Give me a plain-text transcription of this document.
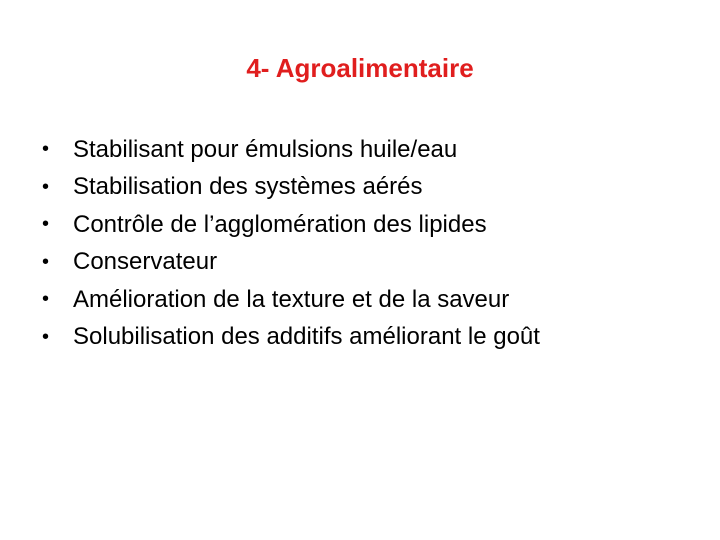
4- Agroalimentaire
• Stabilisant pour émulsions huile/eau
• Stabilisation des systèmes aérés
• Contrôle de l’agglomération des lipides
• Conservateur
• Amélioration de la texture et de la saveur
• Solubilisation des additifs améliorant le goût
